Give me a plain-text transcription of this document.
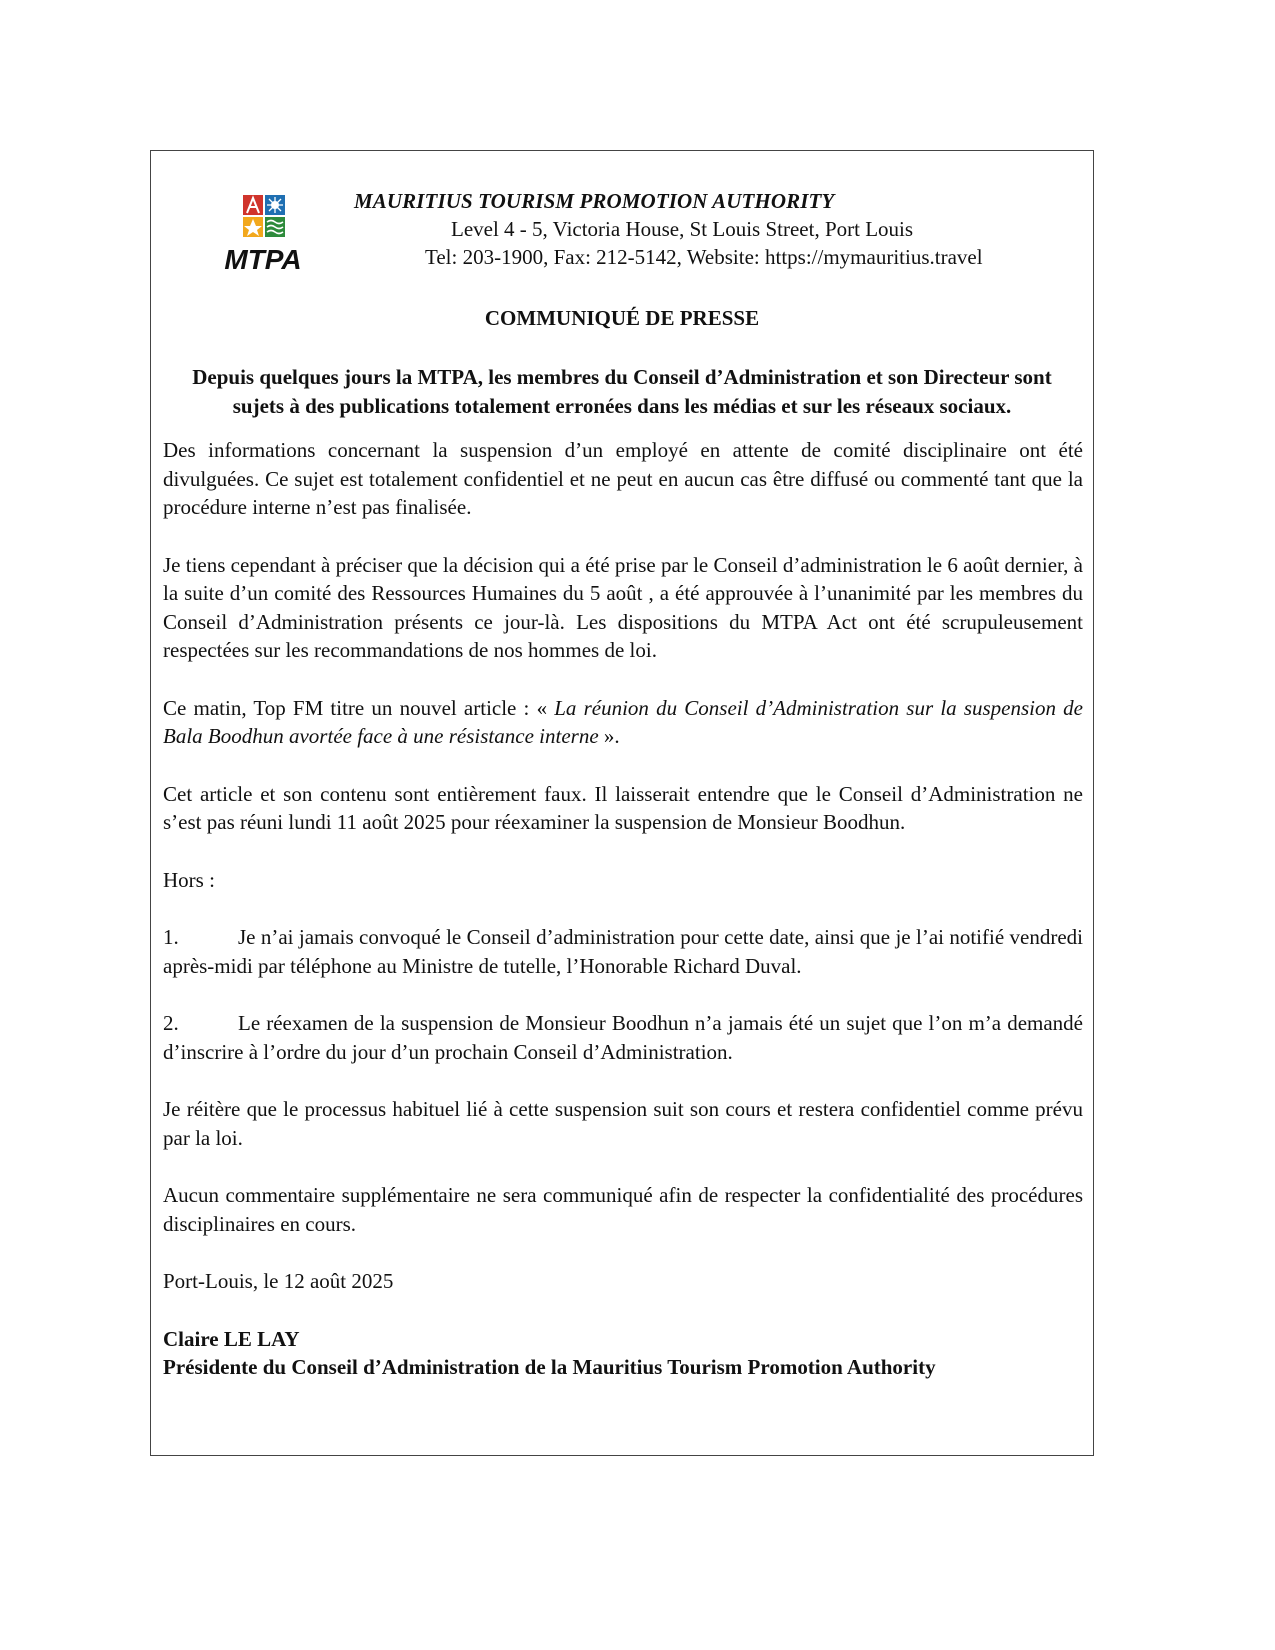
MTPA
MAURITIUS TOURISM PROMOTION AUTHORITY
Level 4 - 5, Victoria House, St Louis Street, Port Louis
Tel: 203-1900, Fax: 212-5142, Website: https://mymauritius.travel
COMMUNIQUÉ DE PRESSE
Depuis quelques jours la MTPA, les membres du Conseil d’Administration et son Directeur sont sujets à des publications totalement erronées dans les médias et sur les réseaux sociaux.

Des informations concernant la suspension d’un employé en attente de comité disciplinaire ont été divulguées. Ce sujet est totalement confidentiel et ne peut en aucun cas être diffusé ou commenté tant que la procédure interne n’est pas finalisée.

Je tiens cependant à préciser que la décision qui a été prise par le Conseil d’administration le 6 août dernier, à la suite d’un comité des Ressources Humaines du 5 août , a été approuvée à l’unanimité par les membres du Conseil d’Administration présents ce jour-là. Les dispositions du MTPA Act ont été scrupuleusement respectées sur les recommandations de nos hommes de loi.

Ce matin, Top FM titre un nouvel article : « La réunion du Conseil d’Administration sur la suspension de Bala Boodhun avortée face à une résistance interne ».

Cet article et son contenu sont entièrement faux. Il laisserait entendre que le Conseil d’Administration ne s’est pas réuni lundi 11 août 2025 pour réexaminer la suspension de Monsieur Boodhun.

Hors :

1.	Je n’ai jamais convoqué le Conseil d’administration pour cette date, ainsi que je l’ai notifié vendredi après-midi par téléphone au Ministre de tutelle, l’Honorable Richard Duval.

2.	Le réexamen de la suspension de Monsieur Boodhun n’a jamais été un sujet que l’on m’a demandé d’inscrire à l’ordre du jour d’un prochain Conseil d’Administration.

Je réitère que le processus habituel lié à cette suspension suit son cours et restera confidentiel comme prévu par la loi.

Aucun commentaire supplémentaire ne sera communiqué afin de respecter la confidentialité des procédures disciplinaires en cours.

Port-Louis, le 12 août 2025

Claire LE LAY
Présidente du Conseil d’Administration de la Mauritius Tourism Promotion Authority
